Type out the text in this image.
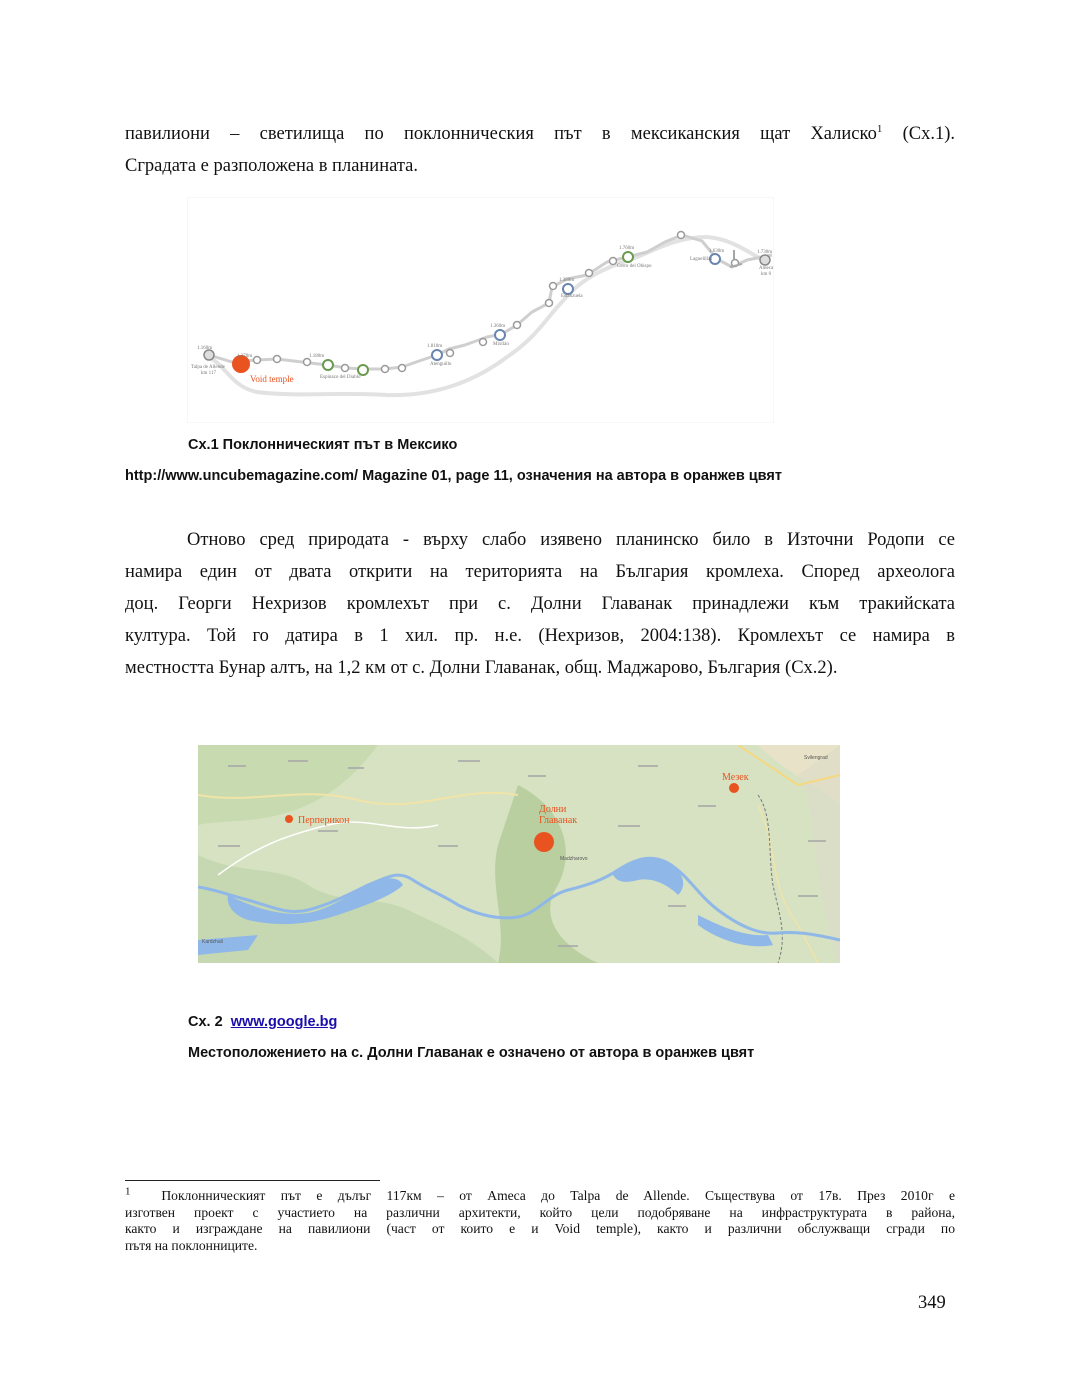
павилиони – светилища по поклонническия път в мексиканския щат Халиско$^1$ (Сх.1).
Сградата е разположена в планината.
1.160m
1.370m	1.180m
1.810m
1.360m
1.380m
1.760m
1.630m	1.730m
Talpa de Allende
km 117
Ameca
km 0
Cerro del Obispo
Estanzuela
Mixtlán
Atenguillo
Espinazo del Diablo
Laguelillas
Void temple
Сх.1 Поклонническият път в Мексико
http://www.uncubemagazine.com/ Magazine 01, page 11, означения на автора в оранжев цвят
Отново сред природата - върху слабо изявено планинско било в Източни Родопи се
намира един от двата открити на територията на България кромлеха. Според археолога
доц. Георги Нехризов кромлехът при с. Долни Главанак принадлежи към тракийската
култура. Той го датира в 1 хил. пр. н.е. (Нехризов, 2004:138). Кромлехът се намира в
местността Бунар алтъ, на 1,2 км от с. Долни Главанак, общ. Маджарово, България (Сх.2).
Перперикон
Долни
Главанак
Мезек
Svilengrad
Kardzhali
Madzharovo
Сх. 2  www.google.bg
Местоположението на с. Долни Главанак е означено от автора в оранжев цвят
$^1$ Поклонническият път е дълъг 117км – от Ameca до Talpa de Allende. Съществува от 17в. През 2010г е
изготвен проект с участието на различни архитекти, който цели подобряване на инфраструктурата в района,
както и изграждане на павилиони (част от които е и Void temple), както и различни обслужващи сгради по
пътя на поклонниците.
349
